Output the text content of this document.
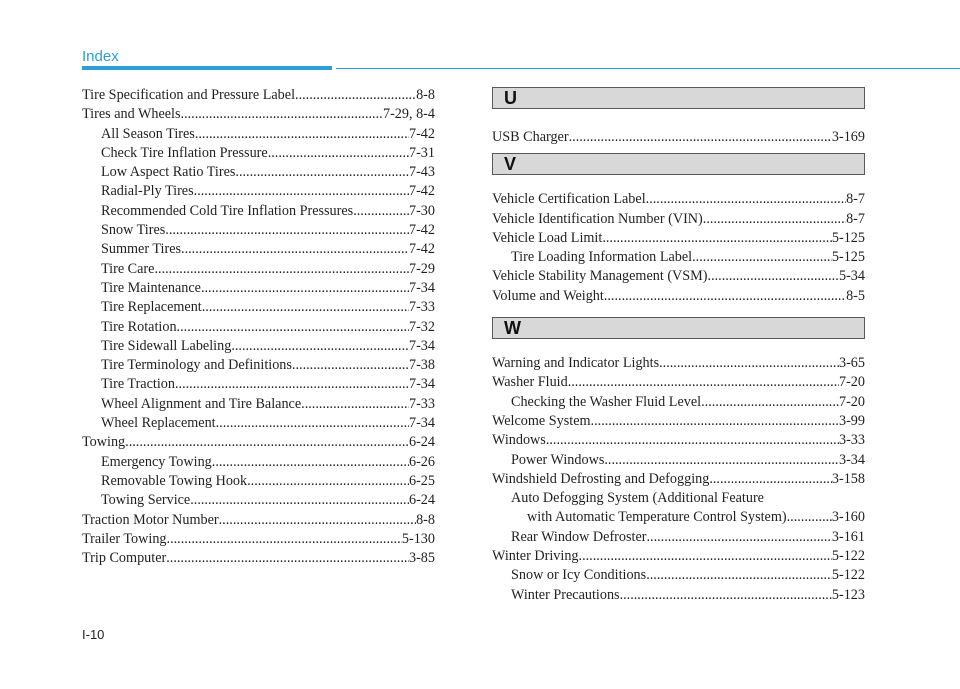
Index
Tire Specification and Pressure Label .....	8-8
Tires and Wheels .....	7-29, 8-4
All Season Tires .....	7-42
Check Tire Inflation Pressure .....	7-31
Low Aspect Ratio Tires .....	7-43
Radial-Ply Tires .....	7-42
Recommended Cold Tire Inflation Pressures .....	7-30
Snow Tires .....	7-42
Summer Tires .....	7-42
Tire Care .....	7-29
Tire Maintenance .....	7-34
Tire Replacement .....	7-33
Tire Rotation .....	7-32
Tire Sidewall Labeling .....	7-34
Tire Terminology and Definitions .....	7-38
Tire Traction .....	7-34
Wheel Alignment and Tire Balance .....	7-33
Wheel Replacement .....	7-34
Towing .....	6-24
Emergency Towing .....	6-26
Removable Towing Hook .....	6-25
Towing Service .....	6-24
Traction Motor Number .....	8-8
Trailer Towing .....	5-130
Trip Computer .....	3-85
U
USB Charger .....	3-169
V
Vehicle Certification Label .....	8-7
Vehicle Identification Number (VIN) .....	8-7
Vehicle Load Limit .....	5-125
Tire Loading Information Label .....	5-125
Vehicle Stability Management (VSM) .....	5-34
Volume and Weight .....	8-5
W
Warning and Indicator Lights .....	3-65
Washer Fluid .....	7-20
Checking the Washer Fluid Level .....	7-20
Welcome System .....	3-99
Windows .....	3-33
Power Windows .....	3-34
Windshield Defrosting and Defogging .....	3-158
Auto Defogging System (Additional Feature
with Automatic Temperature Control System) .....	3-160
Rear Window Defroster .....	3-161
Winter Driving .....	5-122
Snow or Icy Conditions .....	5-122
Winter Precautions .....	5-123
I-10
